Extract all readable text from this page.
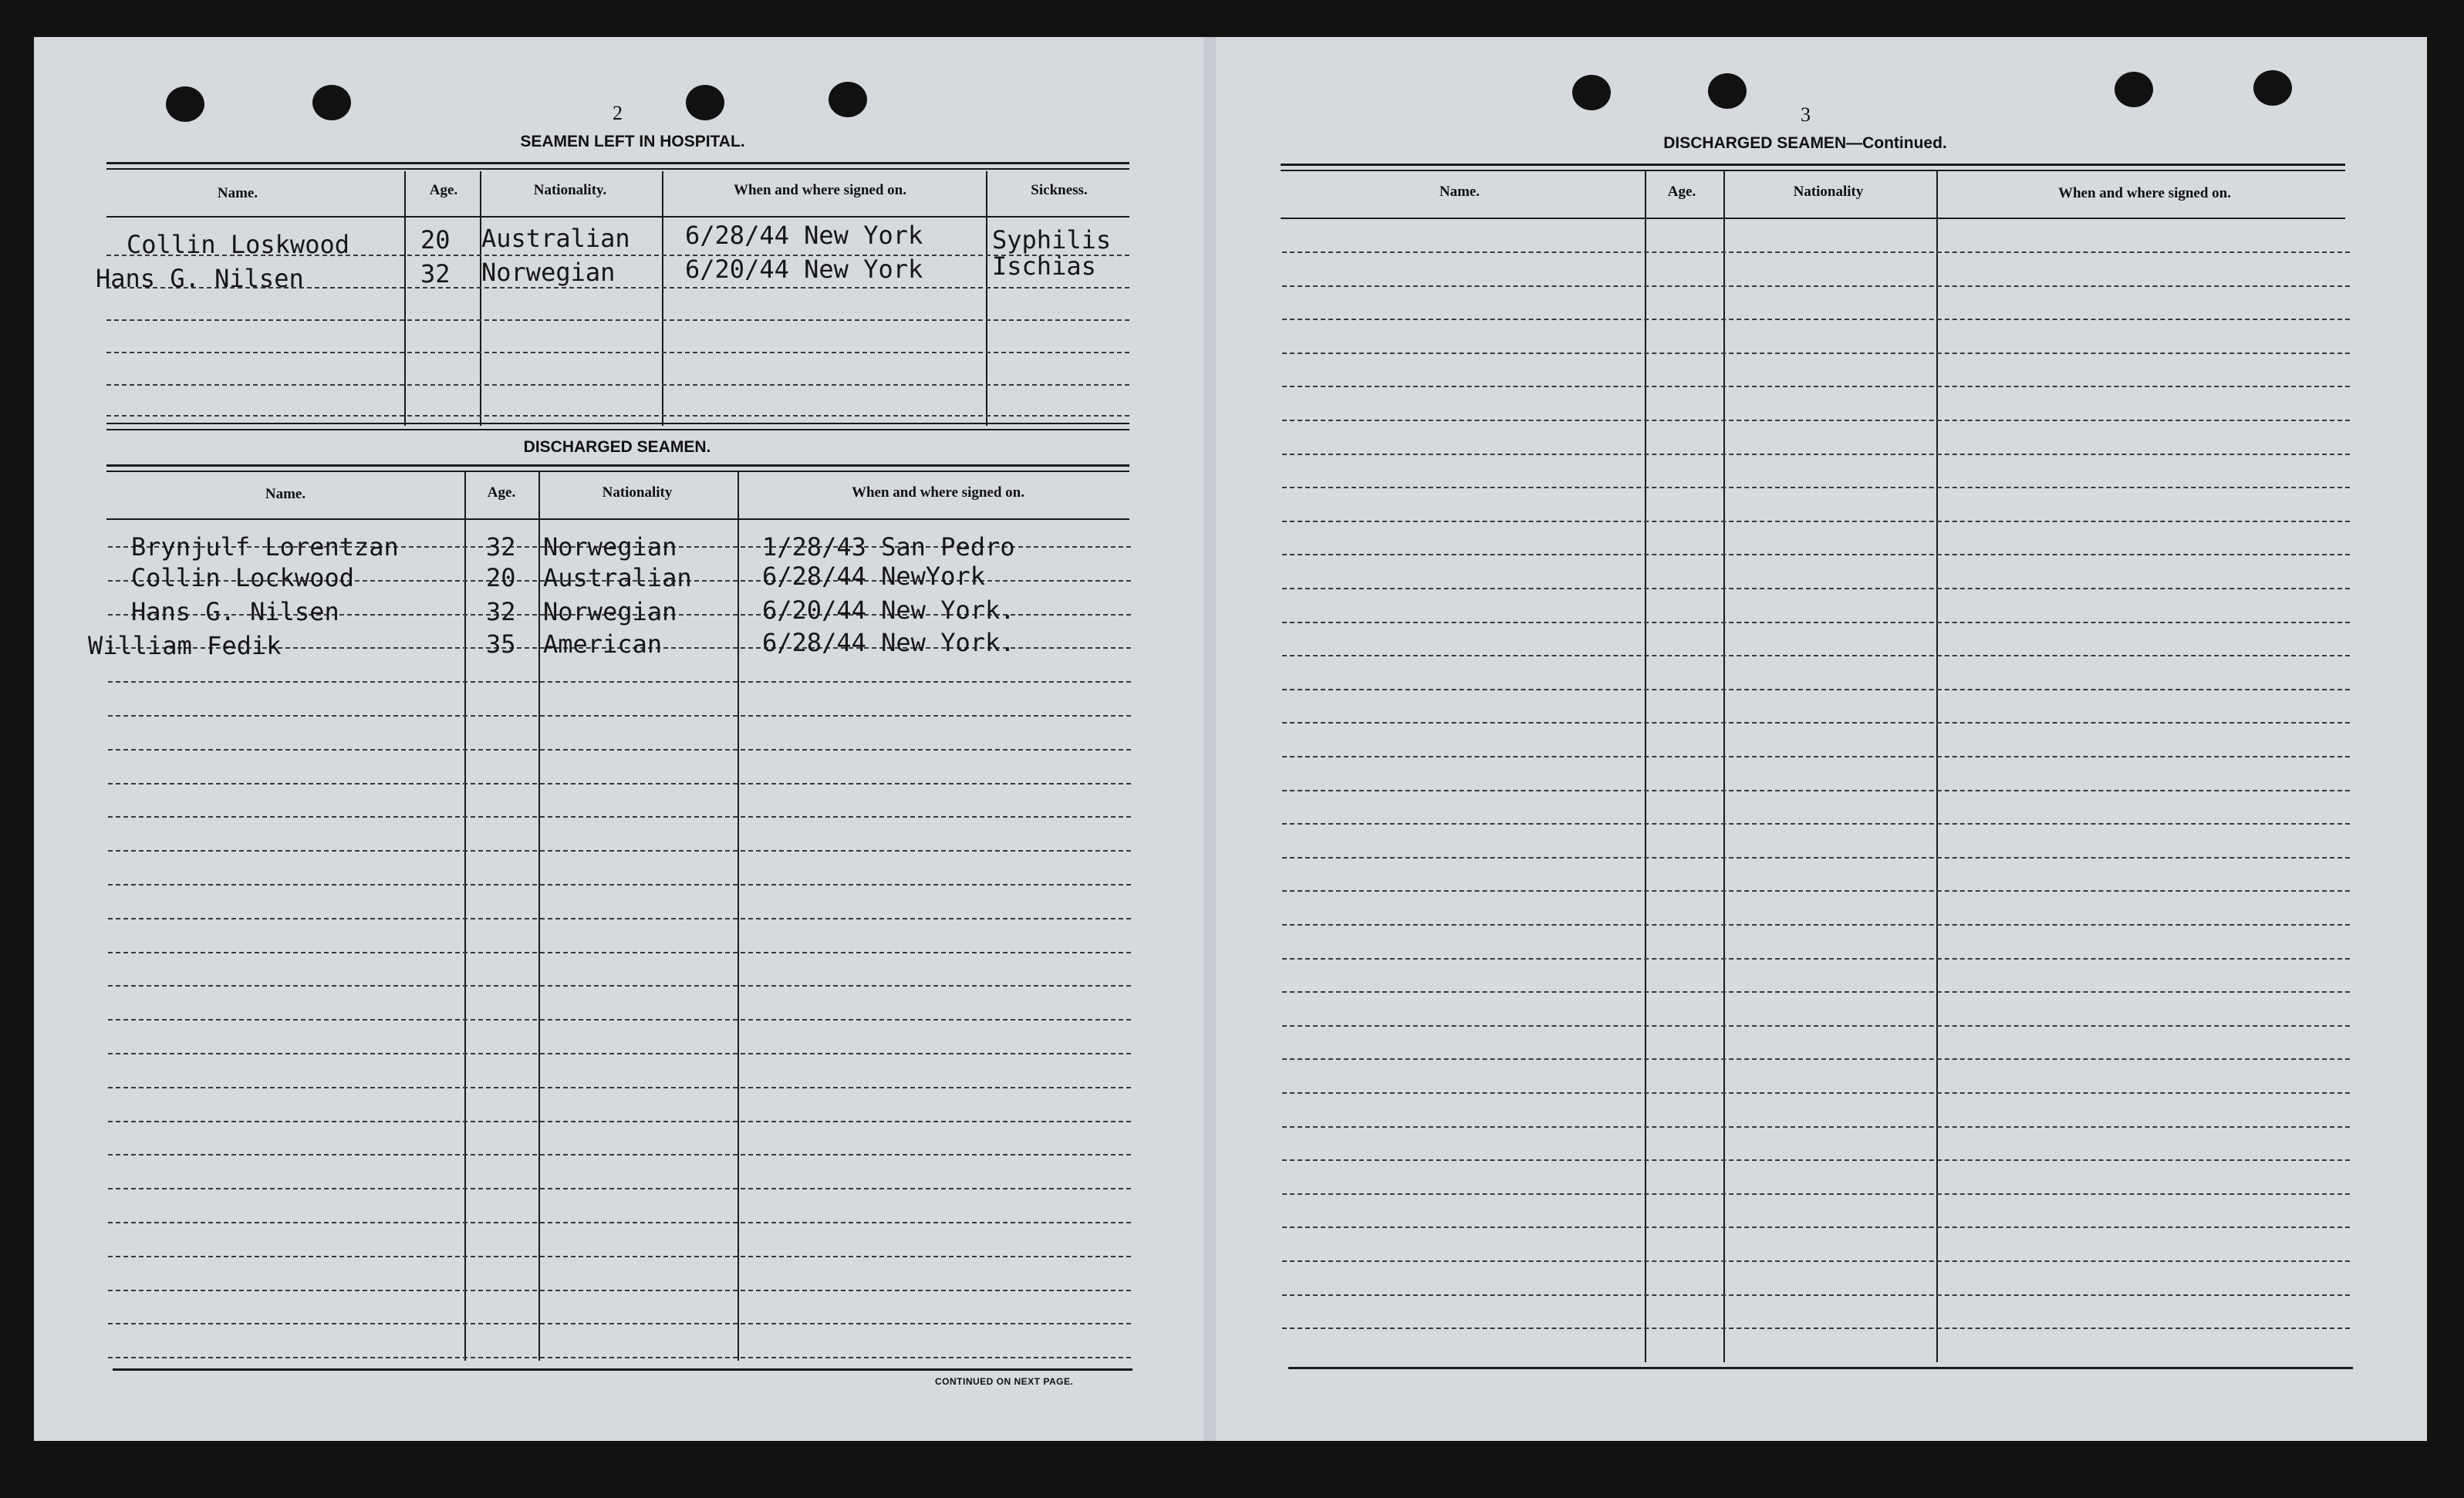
2
SEAMEN LEFT IN HOSPITAL.
Name.	Age.	Nationality.	When and where signed on.	Sickness.
Collin Loskwood	20 Australian 6/28/44 New York	Syphilis
Hans G. Nilsen	32 Norwegian	6/20/44 New York	Ischias
DISCHARGED SEAMEN.
Name.	Age.	Nationality	When and where signed on.
Brynjulf Lorentzan	32 Norwegian	1/28/43 San Pedro
Collin Lockwood	20 Australian	6/28/44 NewYork
Hans G. Nilsen	32 Norwegian	6/20/44 New York.
William Fedik	35 American	6/28/44 New York.
CONTINUED ON NEXT PAGE.
3
DISCHARGED SEAMEN—Continued.
Name.	Age.	Nationality	When and where signed on.
